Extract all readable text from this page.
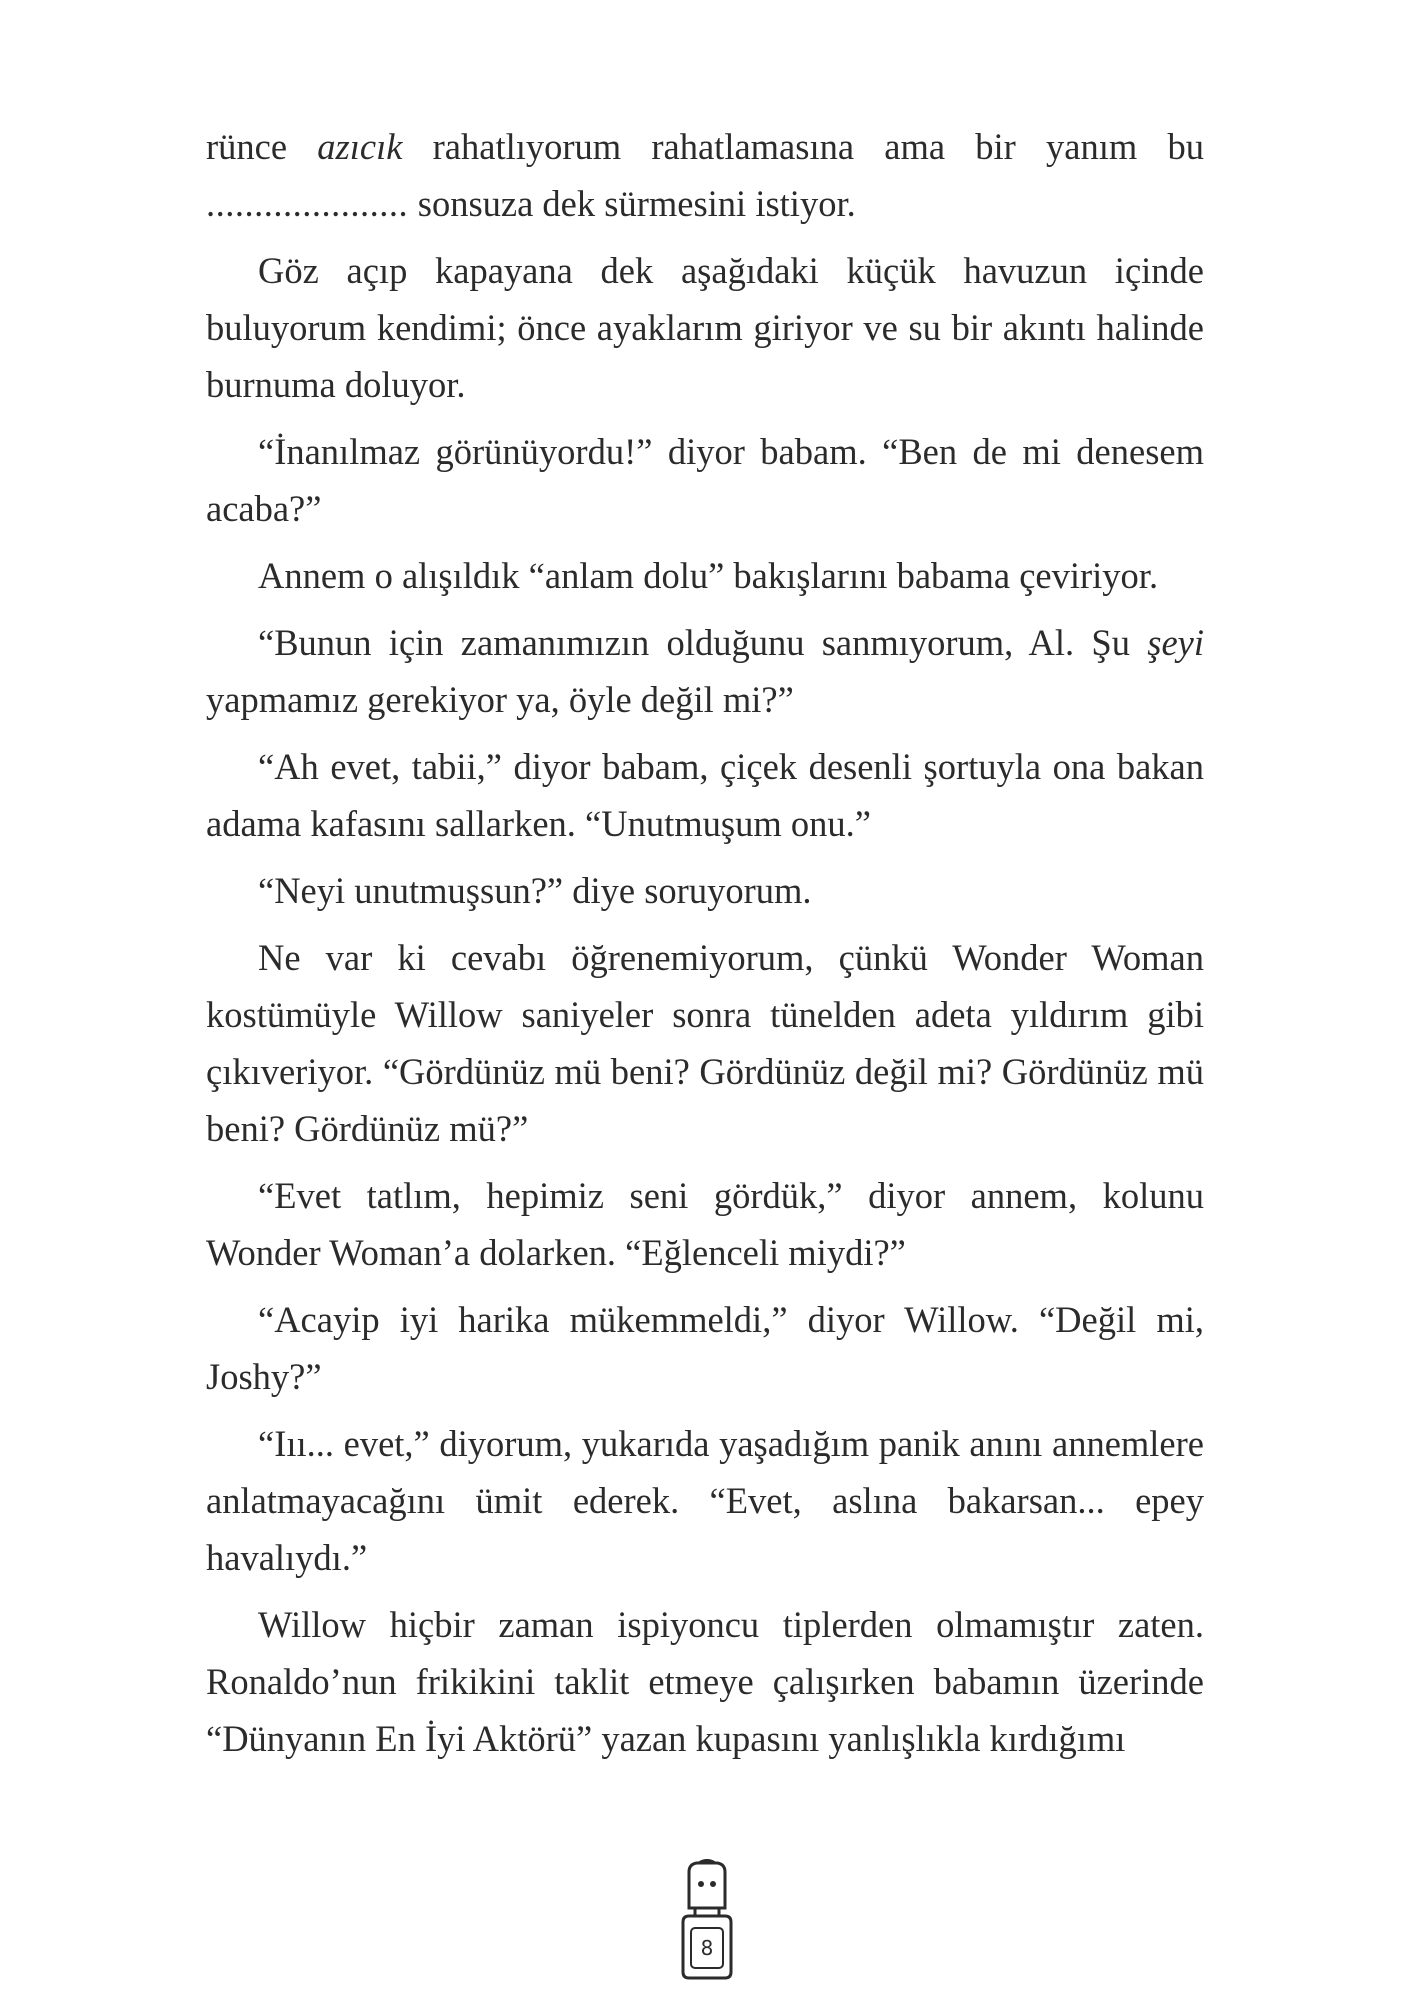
rünce azıcık rahatlıyorum rahatlamasına ama bir yanım bu ..................... sonsuza dek sürmesini istiyor.

Göz açıp kapayana dek aşağıdaki küçük havuzun içinde buluyorum kendimi; önce ayaklarım giriyor ve su bir akıntı halinde burnuma doluyor.

“İnanılmaz görünüyordu!” diyor babam. “Ben de mi denesem acaba?”

Annem o alışıldık “anlam dolu” bakışlarını babama çeviriyor.

“Bunun için zamanımızın olduğunu sanmıyorum, Al. Şu şeyi yapmamız gerekiyor ya, öyle değil mi?”

“Ah evet, tabii,” diyor babam, çiçek desenli şortuyla ona bakan adama kafasını sallarken. “Unutmuşum onu.”

“Neyi unutmuşsun?” diye soruyorum.

Ne var ki cevabı öğrenemiyorum, çünkü Wonder Woman kostümüyle Willow saniyeler sonra tünelden adeta yıldırım gibi çıkıveriyor. “Gördünüz mü beni? Gördünüz değil mi? Gördünüz mü beni? Gördünüz mü?”

“Evet tatlım, hepimiz seni gördük,” diyor annem, kolunu Wonder Woman’a dolarken. “Eğlenceli miydi?”

“Acayip iyi harika mükemmeldi,” diyor Willow. “Değil mi, Joshy?”

“Iıı... evet,” diyorum, yukarıda yaşadığım panik anını annemlere anlatmayacağını ümit ederek. “Evet, aslına bakarsan... epey havalıydı.”

Willow hiçbir zaman ispiyoncu tiplerden olmamıştır zaten. Ronaldo’nun frikikini taklit etmeye çalışırken babamın üzerinde “Dünyanın En İyi Aktörü” yazan kupasını yanlışlıkla kırdığımı

8
